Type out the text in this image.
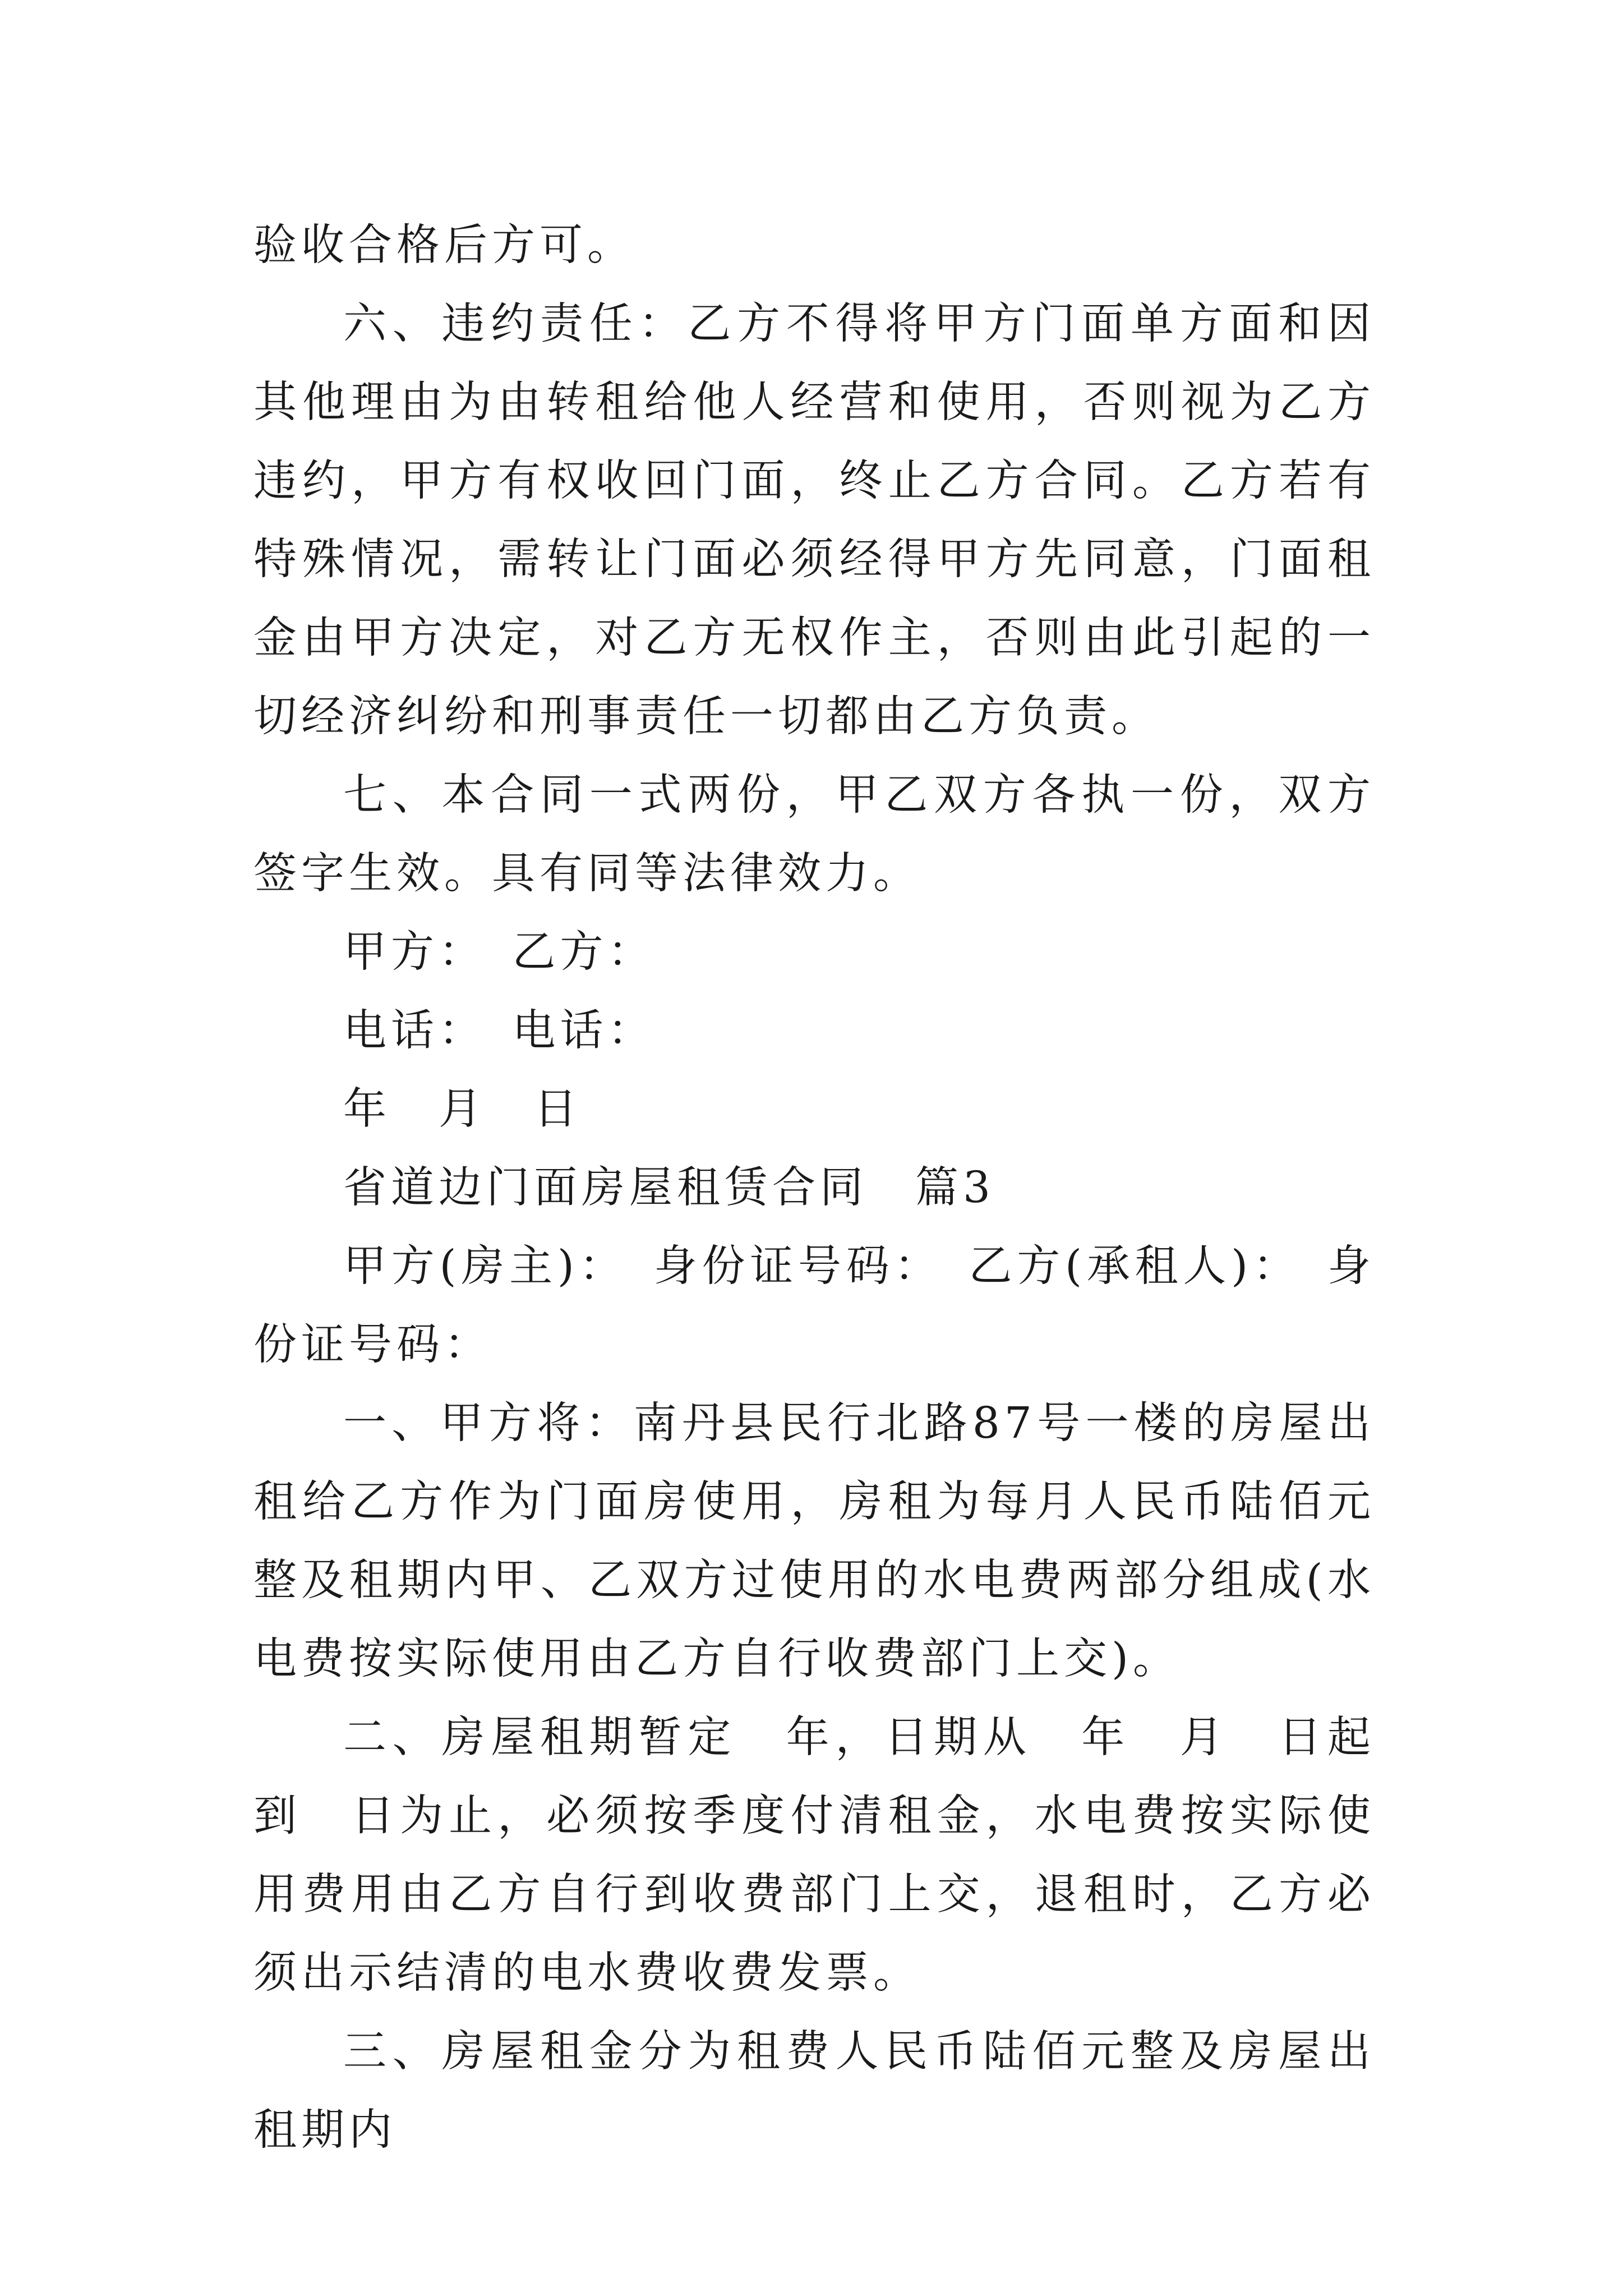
验收合格后方可。

六、违约责任：乙方不得将甲方门面单方面和因其他理由为由转租给他人经营和使用，否则视为乙方违约，甲方有权收回门面，终止乙方合同。乙方若有特殊情况，需转让门面必须经得甲方先同意，门面租金由甲方决定，对乙方无权作主，否则由此引起的一切经济纠纷和刑事责任一切都由乙方负责。

七、本合同一式两份，甲乙双方各执一份，双方签字生效。具有同等法律效力。

甲方：　乙方：

电话：　电话：

年　月　日

省道边门面房屋租赁合同　篇3

甲方(房主)：　身份证号码：　乙方(承租人)：　身份证号码：

一、甲方将：南丹县民行北路87号一楼的房屋出租给乙方作为门面房使用，房租为每月人民币陆佰元整及租期内甲、乙双方过使用的水电费两部分组成(水电费按实际使用由乙方自行收费部门上交)。

二、房屋租期暂定　年，日期从　年　月　日起到　日为止，必须按季度付清租金，水电费按实际使用费用由乙方自行到收费部门上交，退租时，乙方必须出示结清的电水费收费发票。

三、房屋租金分为租费人民币陆佰元整及房屋出租期内
